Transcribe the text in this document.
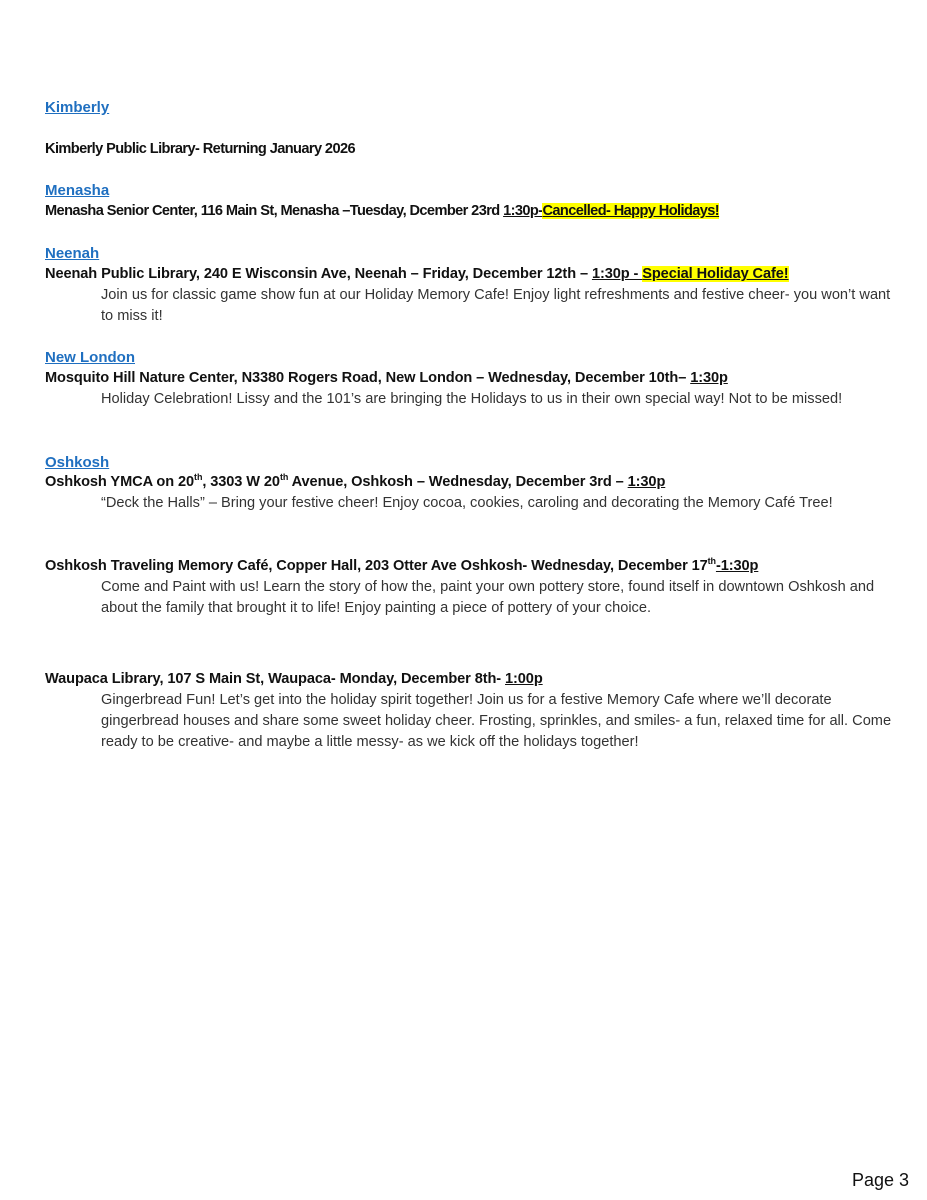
Kimberly
Kimberly Public Library- Returning January 2026
Menasha
Menasha Senior Center, 116 Main St, Menasha –Tuesday, Dcember 23rd 1:30p-Cancelled- Happy Holidays!
Neenah
Neenah Public Library, 240 E Wisconsin Ave, Neenah – Friday, December 12th – 1:30p - Special Holiday Cafe!
Join us for classic game show fun at our Holiday Memory Cafe! Enjoy light refreshments and festive cheer- you won’t want to miss it!
New London
Mosquito Hill Nature Center, N3380 Rogers Road, New London – Wednesday, December 10th– 1:30p
Holiday Celebration! Lissy and the 101’s are bringing the Holidays to us in their own special way! Not to be missed!
Oshkosh
Oshkosh YMCA on 20th, 3303 W 20th Avenue, Oshkosh – Wednesday, December 3rd – 1:30p
“Deck the Halls” – Bring your festive cheer! Enjoy cocoa, cookies, caroling and decorating the Memory Café Tree!
Oshkosh Traveling Memory Café, Copper Hall, 203 Otter Ave Oshkosh- Wednesday, December 17th-1:30p
Come and Paint with us! Learn the story of how the, paint your own pottery store, found itself in downtown Oshkosh and about the family that brought it to life! Enjoy painting a piece of pottery of your choice.
Waupaca Library, 107 S Main St, Waupaca- Monday, December 8th- 1:00p
Gingerbread Fun! Let’s get into the holiday spirit together! Join us for a festive Memory Cafe where we’ll decorate gingerbread houses and share some sweet holiday cheer. Frosting, sprinkles, and smiles- a fun, relaxed time for all. Come ready to be creative- and maybe a little messy- as we kick off the holidays together!
Page 3
